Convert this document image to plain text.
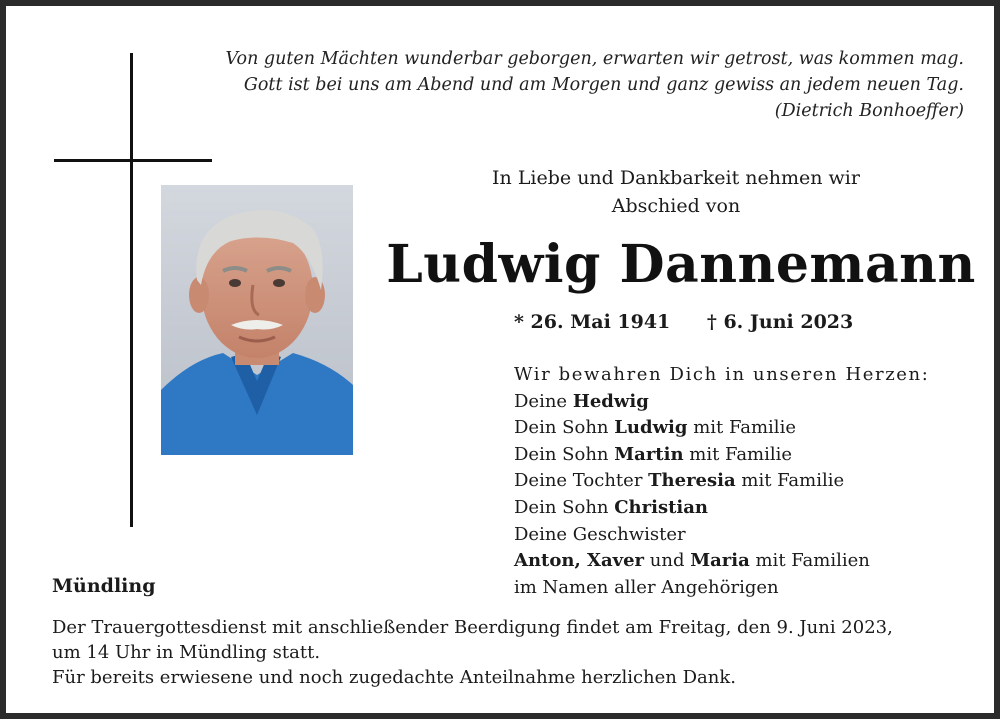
Von guten Mächten wunderbar geborgen, erwarten wir getrost, was kommen mag.
Gott ist bei uns am Abend und am Morgen und ganz gewiss an jedem neuen Tag.
(Dietrich Bonhoeffer)
In Liebe und Dankbarkeit nehmen wir
Abschied von
Ludwig Dannemann
* 26. Mai 1941 † 6. Juni 2023
Wir bewahren Dich in unseren Herzen:
Deine Hedwig
Dein Sohn Ludwig mit Familie
Dein Sohn Martin mit Familie
Deine Tochter Theresia mit Familie
Dein Sohn Christian
Deine Geschwister
Anton, Xaver und Maria mit Familien
im Namen aller Angehörigen
Mündling
Der Trauergottesdienst mit anschließender Beerdigung findet am Freitag, den 9. Juni 2023,
um 14 Uhr in Mündling statt.
Für bereits erwiesene und noch zugedachte Anteilnahme herzlichen Dank.
